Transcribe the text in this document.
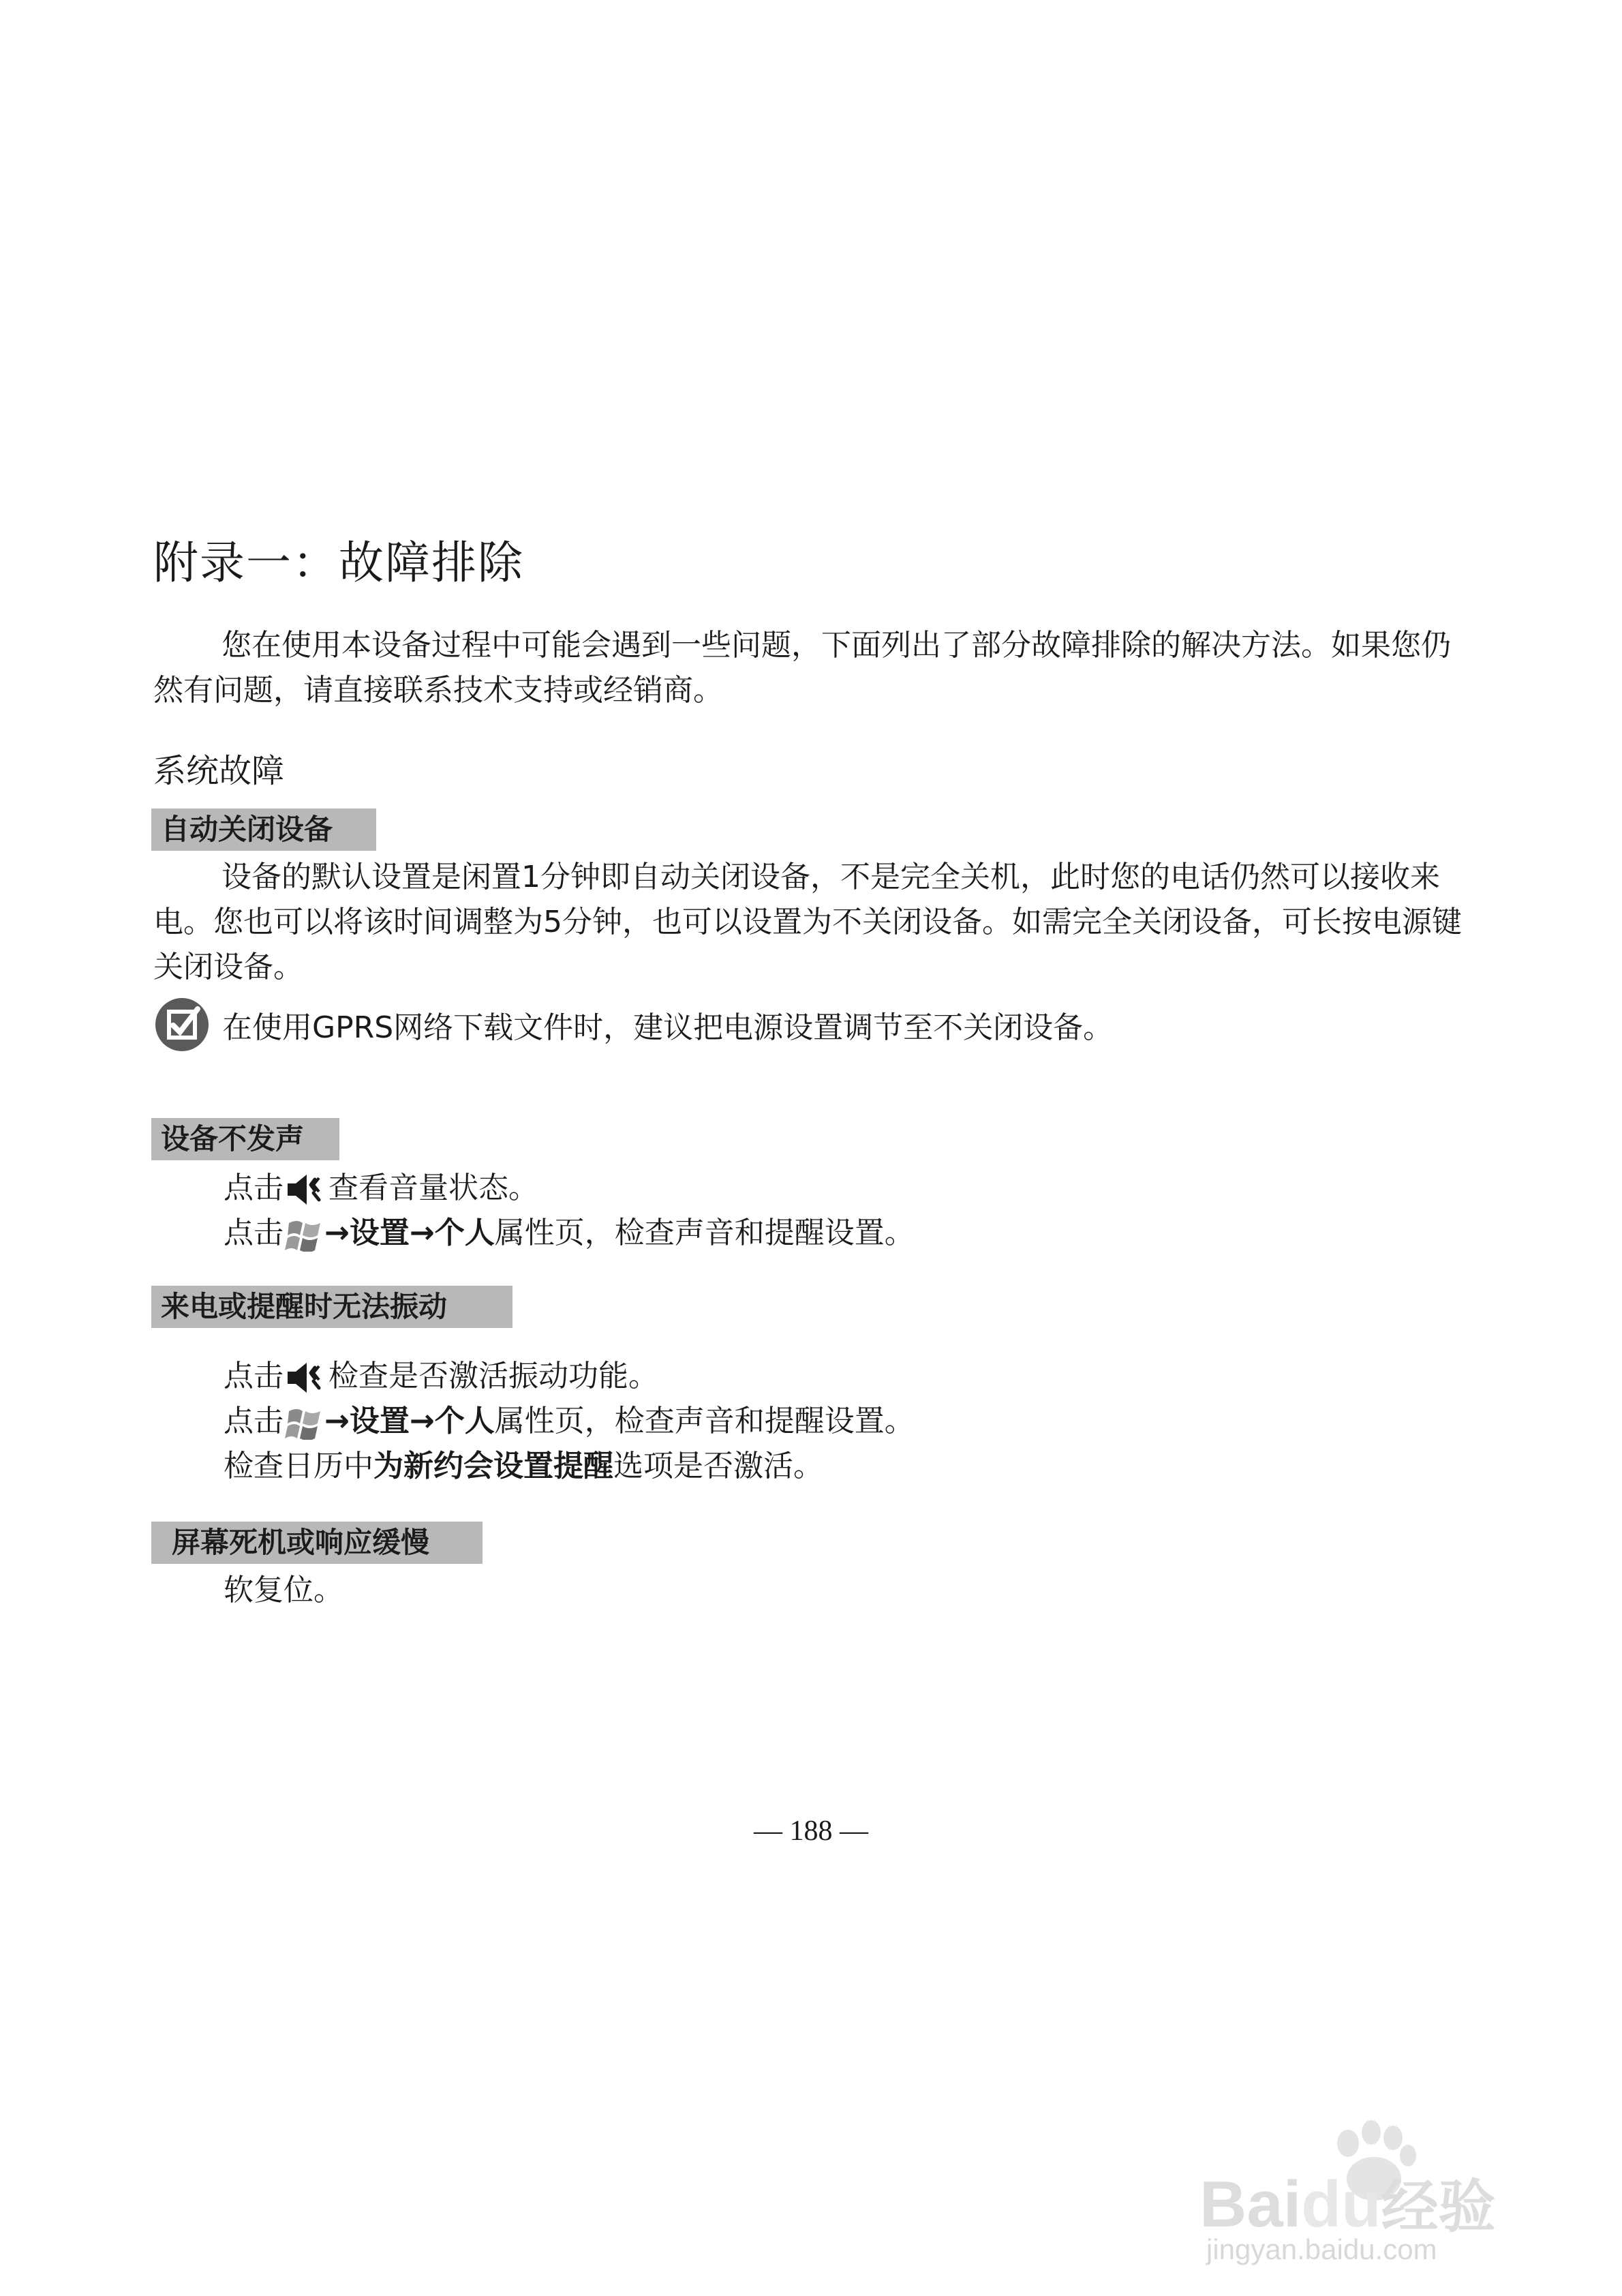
附录一：故障排除
您在使用本设备过程中可能会遇到一些问题，下面列出了部分故障排除的解决方法。如果您仍然有问题，请直接联系技术支持或经销商。
系统故障
自动关闭设备
设备的默认设置是闲置1分钟即自动关闭设备，不是完全关机，此时您的电话仍然可以接收来电。您也可以将该时间调整为5分钟，也可以设置为不关闭设备。如需完全关闭设备，可长按电源键关闭设备。
在使用GPRS网络下载文件时，建议把电源设置调节至不关闭设备。
设备不发声
点击 查看音量状态。
点击 →设置→个人属性页，检查声音和提醒设置。
来电或提醒时无法振动
点击 检查是否激活振动功能。
点击 →设置→个人属性页，检查声音和提醒设置。
检查日历中为新约会设置提醒选项是否激活。
屏幕死机或响应缓慢
软复位。
— 188 —
Baidu经验
jingyan.baidu.com
